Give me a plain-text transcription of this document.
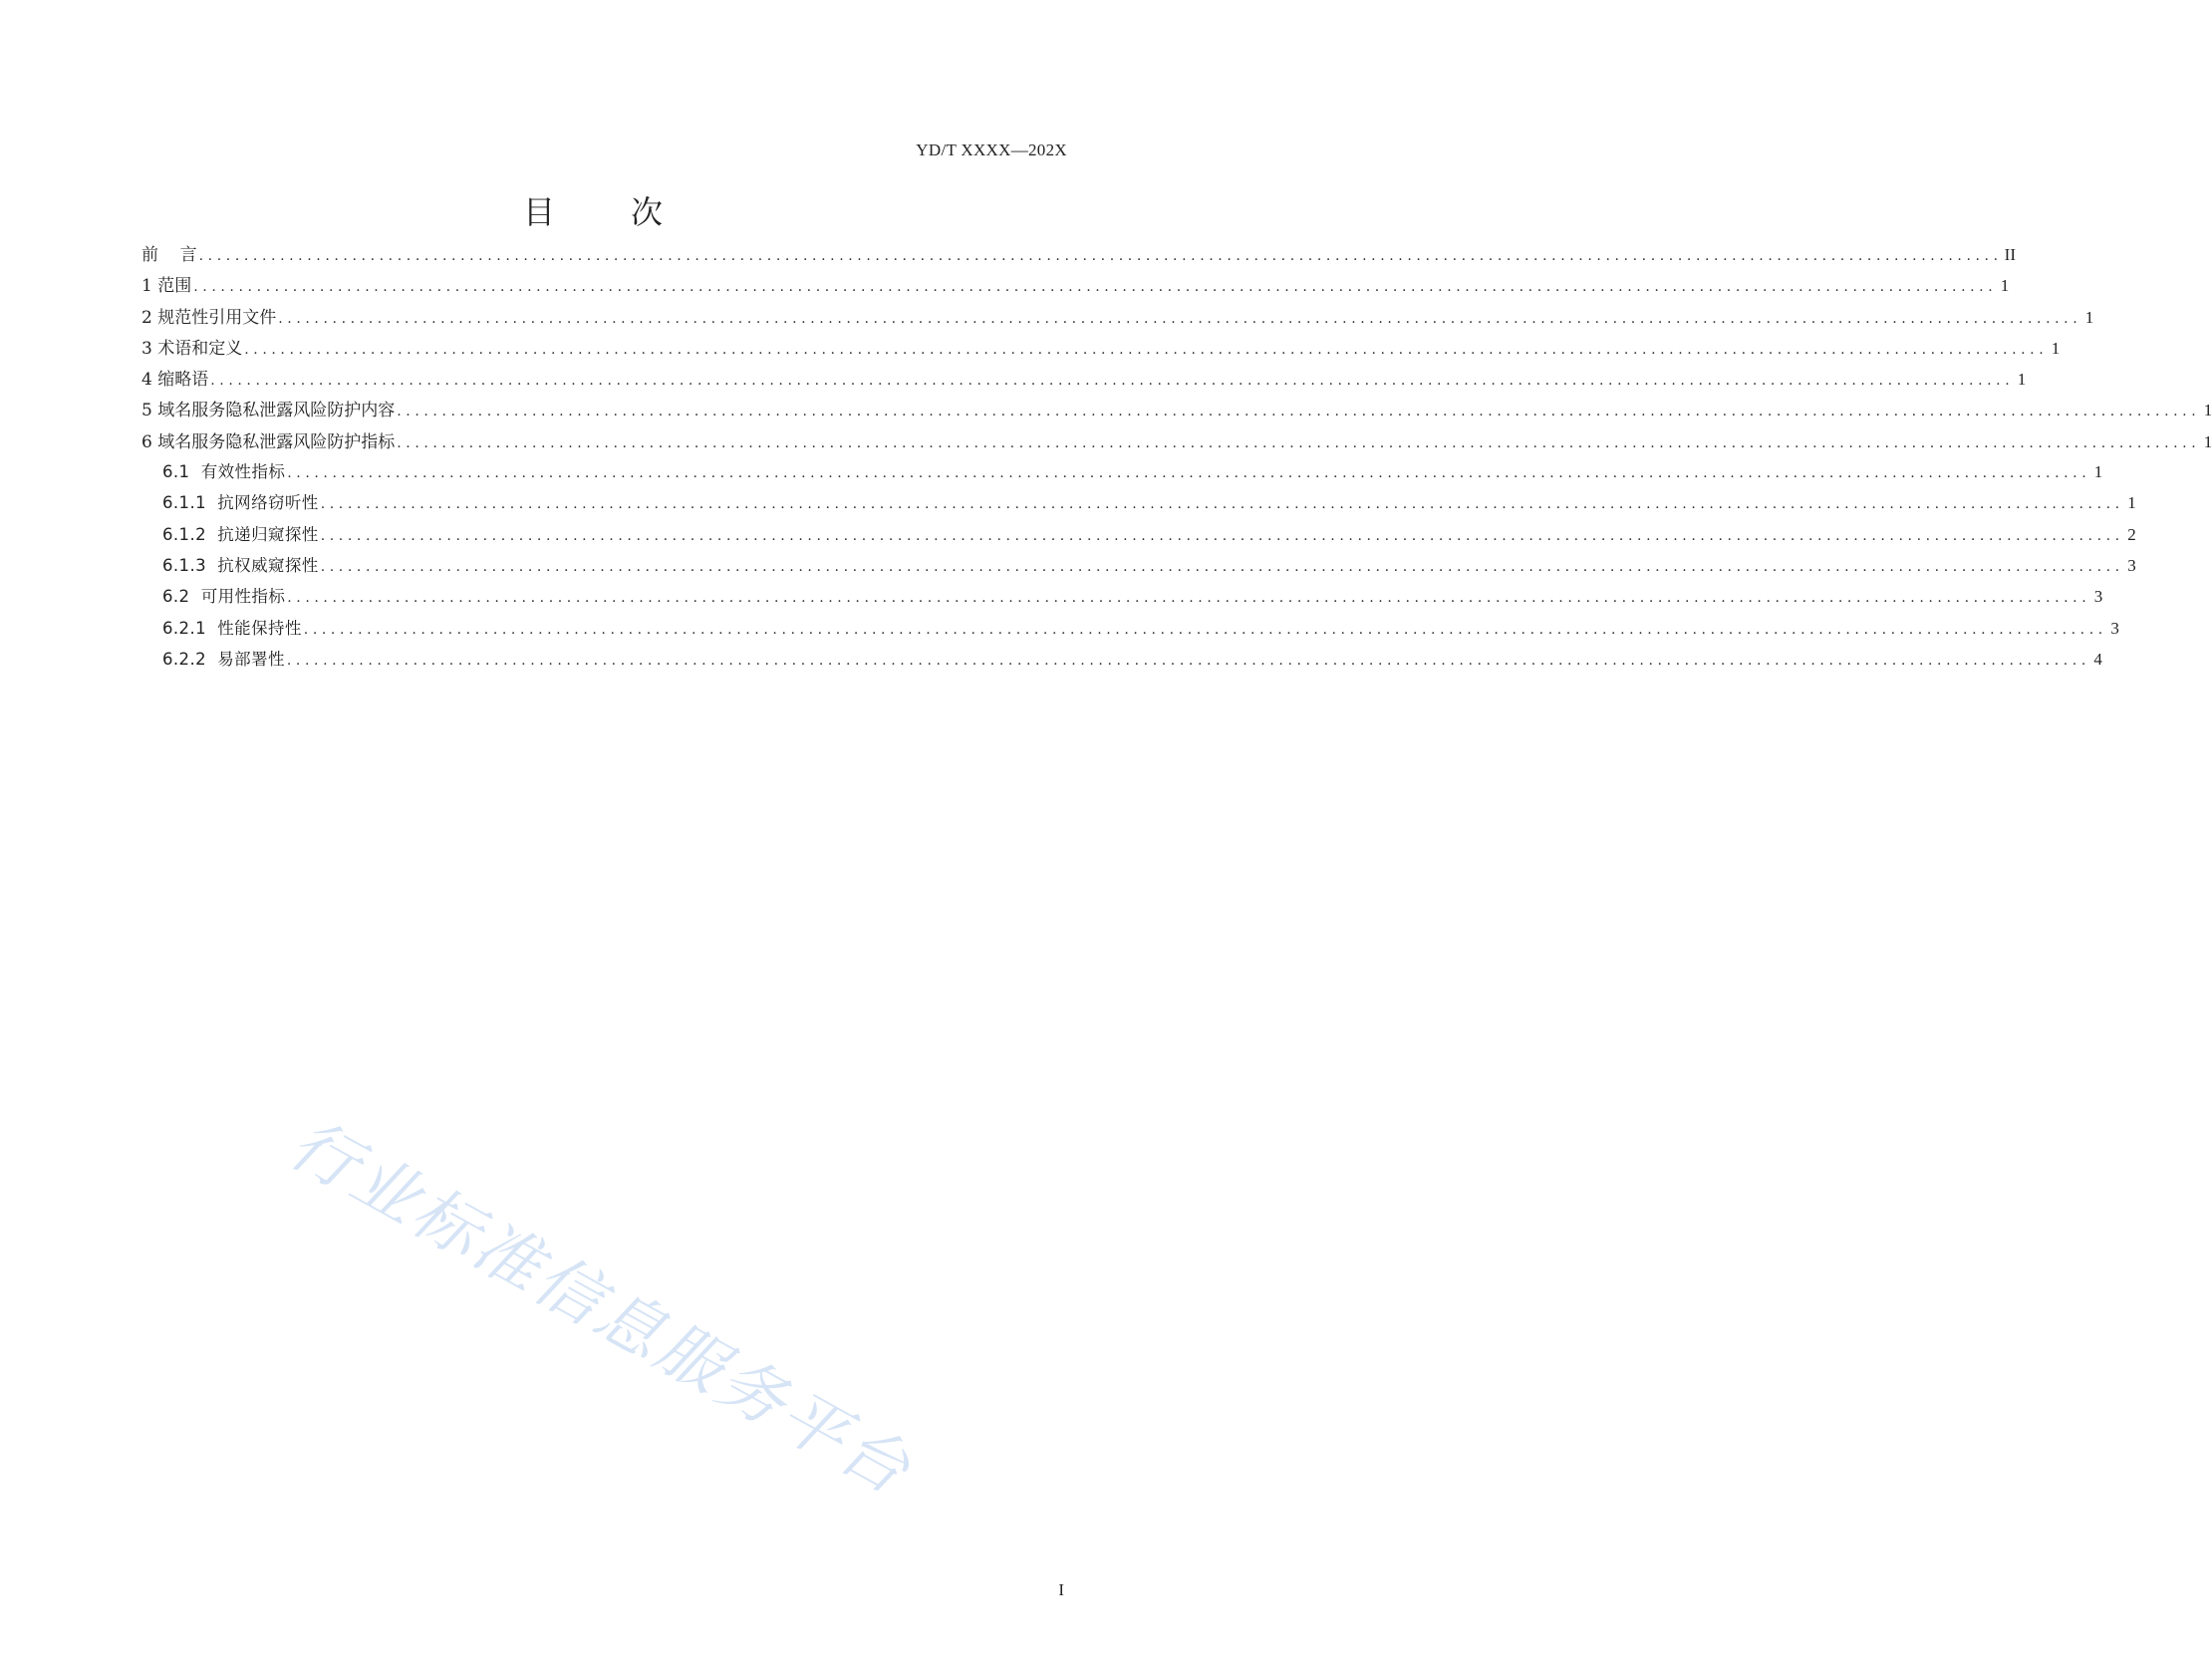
YD/T XXXX—202X
目 次
前    言 ........................................................................................................................................................................................................ II
1 范围 ........................................................................................................................................................................................................ 1
2 规范性引用文件 ........................................................................................................................................................................................................ 1
3 术语和定义 ........................................................................................................................................................................................................ 1
4 缩略语 ........................................................................................................................................................................................................ 1
5 域名服务隐私泄露风险防护内容 ........................................................................................................................................................................................................ 1
6 域名服务隐私泄露风险防护指标 ........................................................................................................................................................................................................ 1
6.1  有效性指标 ........................................................................................................................................................................................................ 1
6.1.1  抗网络窃听性 ........................................................................................................................................................................................................ 1
6.1.2  抗递归窥探性 ........................................................................................................................................................................................................ 2
6.1.3  抗权威窥探性 ........................................................................................................................................................................................................ 3
6.2  可用性指标 ........................................................................................................................................................................................................ 3
6.2.1  性能保持性 ........................................................................................................................................................................................................ 3
6.2.2  易部署性 ........................................................................................................................................................................................................ 4
行业标准信息服务平台
I
